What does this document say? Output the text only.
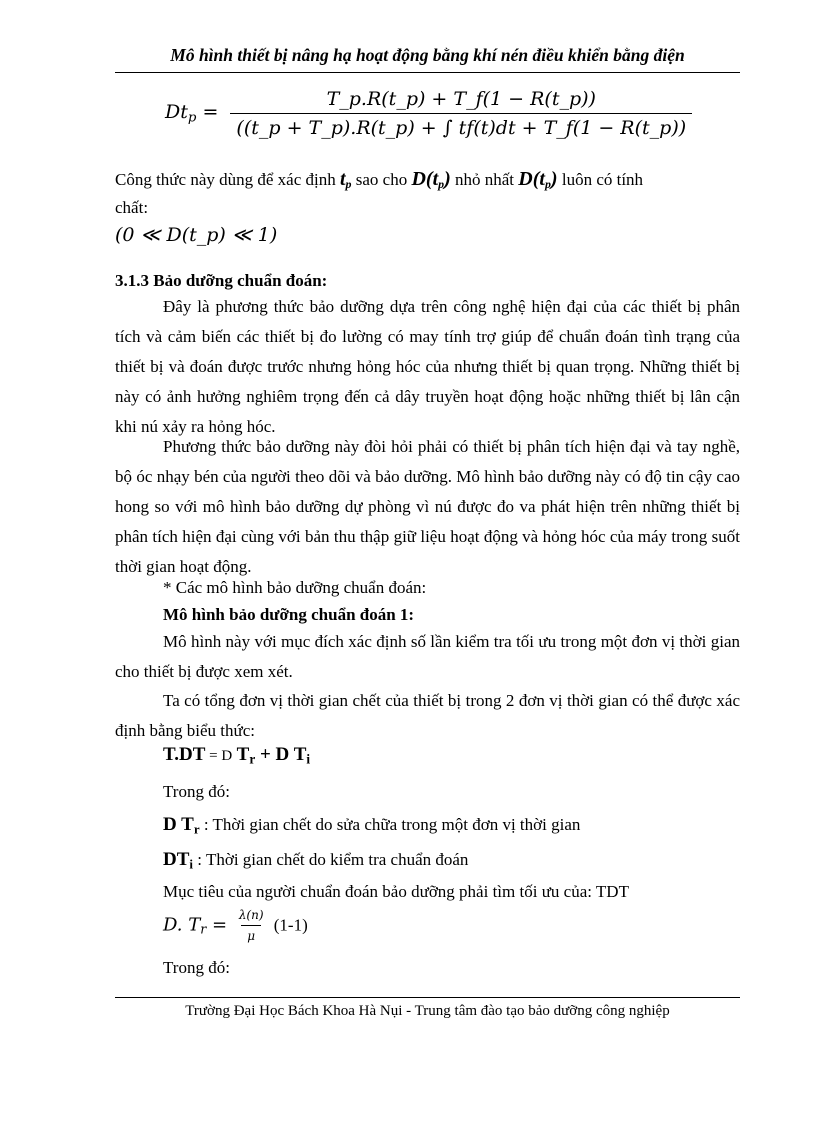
Mô hình thiết bị nâng hạ hoạt động bằng khí nén điều khiển bằng điện
$Dt_p = \frac{T\_p.R(t\_p) + T\_f(1 - R(t\_p))}{((t\_p + T\_p).R(t\_p) + \int tf(t)dt + T\_f(1 - R(t\_p))}$
Công thức này dùng để xác định $t_p$ sao cho $D(t_p)$ nhỏ nhất $D(t_p)$ luôn có tính
chất:
(0 ≪ D(t_p) ≪ 1)
3.1.3 Bảo dưỡng chuẩn đoán:
Đây là phương thức bảo dưỡng dựa trên công nghệ hiện đại của các thiết bị phân tích và cảm biến các thiết bị đo lường có may tính trợ giúp để chuẩn đoán tình trạng của thiết bị và đoán được trước nhưng hỏng hóc của nhưng thiết bị quan trọng. Những thiết bị này có ảnh hưởng nghiêm trọng đến cả dây truyền hoạt động hoặc những thiết bị lân cận khi nú xảy ra hỏng hóc.
Phương thức bảo dưỡng này đòi hỏi phải có thiết bị phân tích hiện đại và tay nghề, bộ óc nhạy bén của người theo dõi và bảo dưỡng. Mô hình bảo dưỡng này có độ tin cậy cao hong so với mô hình bảo dưỡng dự phòng vì nú được đo va phát hiện trên những thiết bị phân tích hiện đại cùng với bản thu thập giữ liệu hoạt động và hỏng hóc của máy trong suốt thời gian hoạt động.
* Các mô hình bảo dưỡng chuẩn đoán:
Mô hình bảo dưỡng chuẩn đoán 1:
Mô hình này với mục đích xác định số lần kiểm tra tối ưu trong một đơn vị thời gian cho thiết bị được xem xét.
Ta có tổng đơn vị thời gian chết của thiết bị trong 2 đơn vị thời gian có thể được xác định bằng biểu thức:
T.DT = D $T_r + D$ $T_i$
Trong đó:
D $T_r$ : Thời gian chết do sửa chữa trong một đơn vị thời gian
$DT_i$ : Thời gian chết do kiểm tra chuẩn đoán
Mục tiêu của người chuẩn đoán bảo dưỡng phải tìm tối ưu của: TDT
D. $T_r = \frac{\lambda(n)}{\mu} (1-1)$
Trong đó:
Trường Đại Học Bách Khoa Hà Nụi - Trung tâm đào tạo bảo dưỡng công nghiệp
